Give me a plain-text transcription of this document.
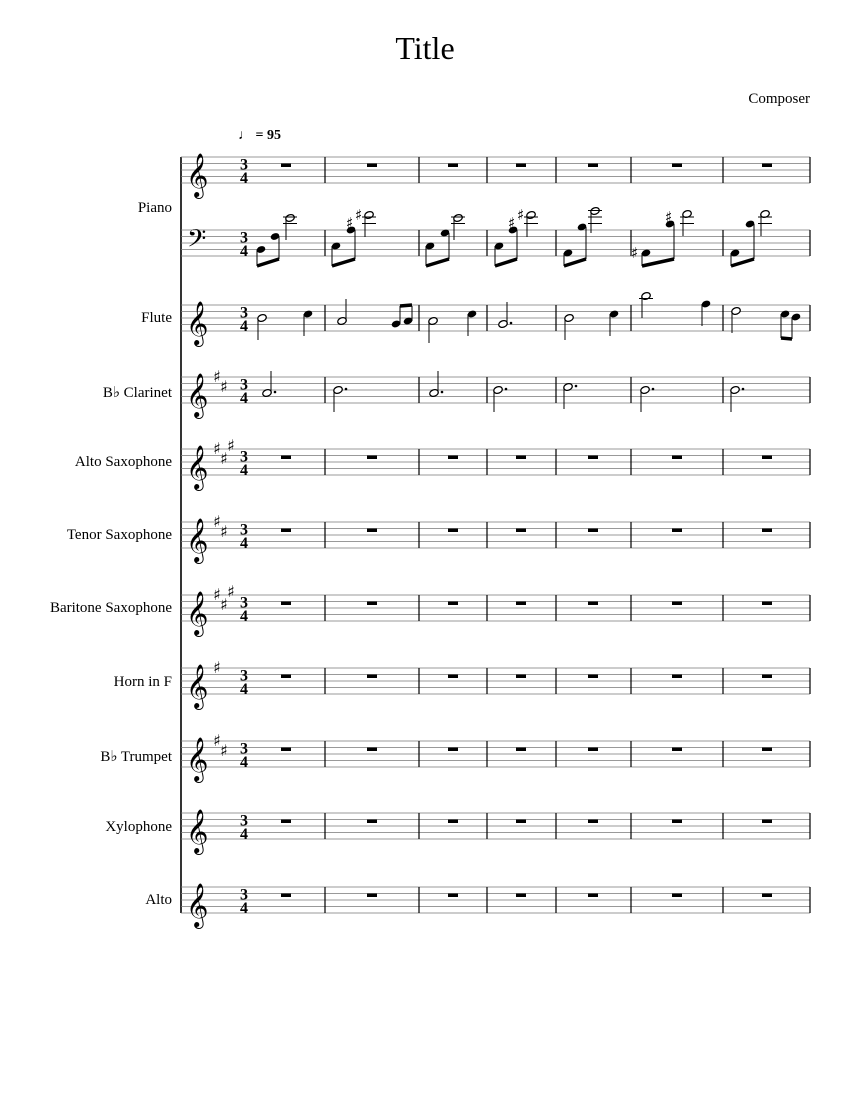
Title
Composer
♩ = 95
Piano
Flute
B♭ Clarinet
Alto Saxophone
Tenor Saxophone
Baritone Saxophone
Horn in F
B♭ Trumpet
Xylophone
Alto
𝄞 3
4
𝄢 3
4
𝄞 3
4
𝄞 ♯
♯ 3
4
𝄞 ♯
♯
♯
3
4
𝄞 ♯
♯ 3
4
𝄞 ♯
♯
♯
3
4
𝄞 ♯ 3
4
𝄞 ♯
♯ 3
4
𝄞 3
4
𝄞 3
4
♯ ♯	♯ ♯
♯
♯
